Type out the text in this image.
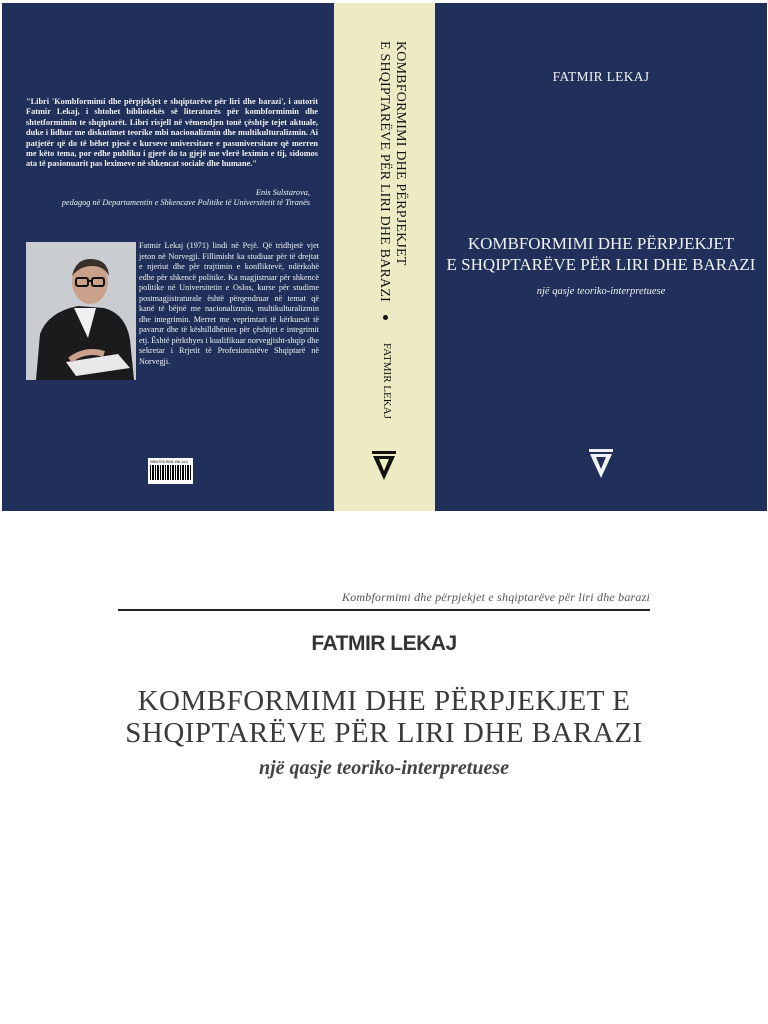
"Libri 'Kombformimi dhe përpjekjet e shqiptarëve për liri dhe barazi', i autorit Fatmir Lekaj, i shtohet bibliotekës së literaturës për kombformimin dhe shtetformimin te shqiptarët. Libri risjell në vëmendjen tonë çështje tejet aktuale, duke i lidhur me diskutimet teorike mbi nacionalizmin dhe multikulturalizmin. Ai patjetër që do të bëhet pjesë e kurseve universitare e pasuniversitare që merren me këto tema, por edhe publiku i gjerë do ta gjejë me vlerë leximin e tij, sidomos ata të pasionuarit pas leximeve në shkencat sociale dhe humane."

Enis Sulstarova,
pedagog në Departamentin e Shkencave Politike të Universitetit të Tiranës

Fatmir Lekaj (1971) lindi në Pejë. Që tridhjetë vjet jeton në Norvegji. Fillimisht ka studiuar për të drejtat e njeriut dhe për trajtimin e konfliktevë, ndërkohë edhe për shkencë politike. Ka magjistruar për shkencë politike në Universitetin e Oslos, kurse për studime postmagjistraturale është përqendruar në temat që kanë të bëjnë me nacionalizmin, multikulturalizmin dhe integrimin. Merret me veprimtari të kërkuesit të pavarur dhe të këshilldhënies për çështjet e integrimit etj. Është përkthyes i kualifikuar norvegjisht-shqip dhe sekretar i Rrjetit të Profesionistëve Shqiptarë në Norvegji.

ISBN 978-9928-196-14-0
KOMBFORMIMI DHE PËRPJEKJET
E SHQIPTARËVE PËR LIRI DHE BARAZI
FATMIR LEKAJ
FATMIR LEKAJ
KOMBFORMIMI DHE PËRPJEKJET
E SHQIPTARËVE PËR LIRI DHE BARAZI
një qasje teoriko-interpretuese
Kombformimi dhe përpjekjet e shqiptarëve për liri dhe barazi
FATMIR LEKAJ
KOMBFORMIMI DHE PËRPJEKJET E
SHQIPTARËVE PËR LIRI DHE BARAZI
një qasje teoriko-interpretuese
